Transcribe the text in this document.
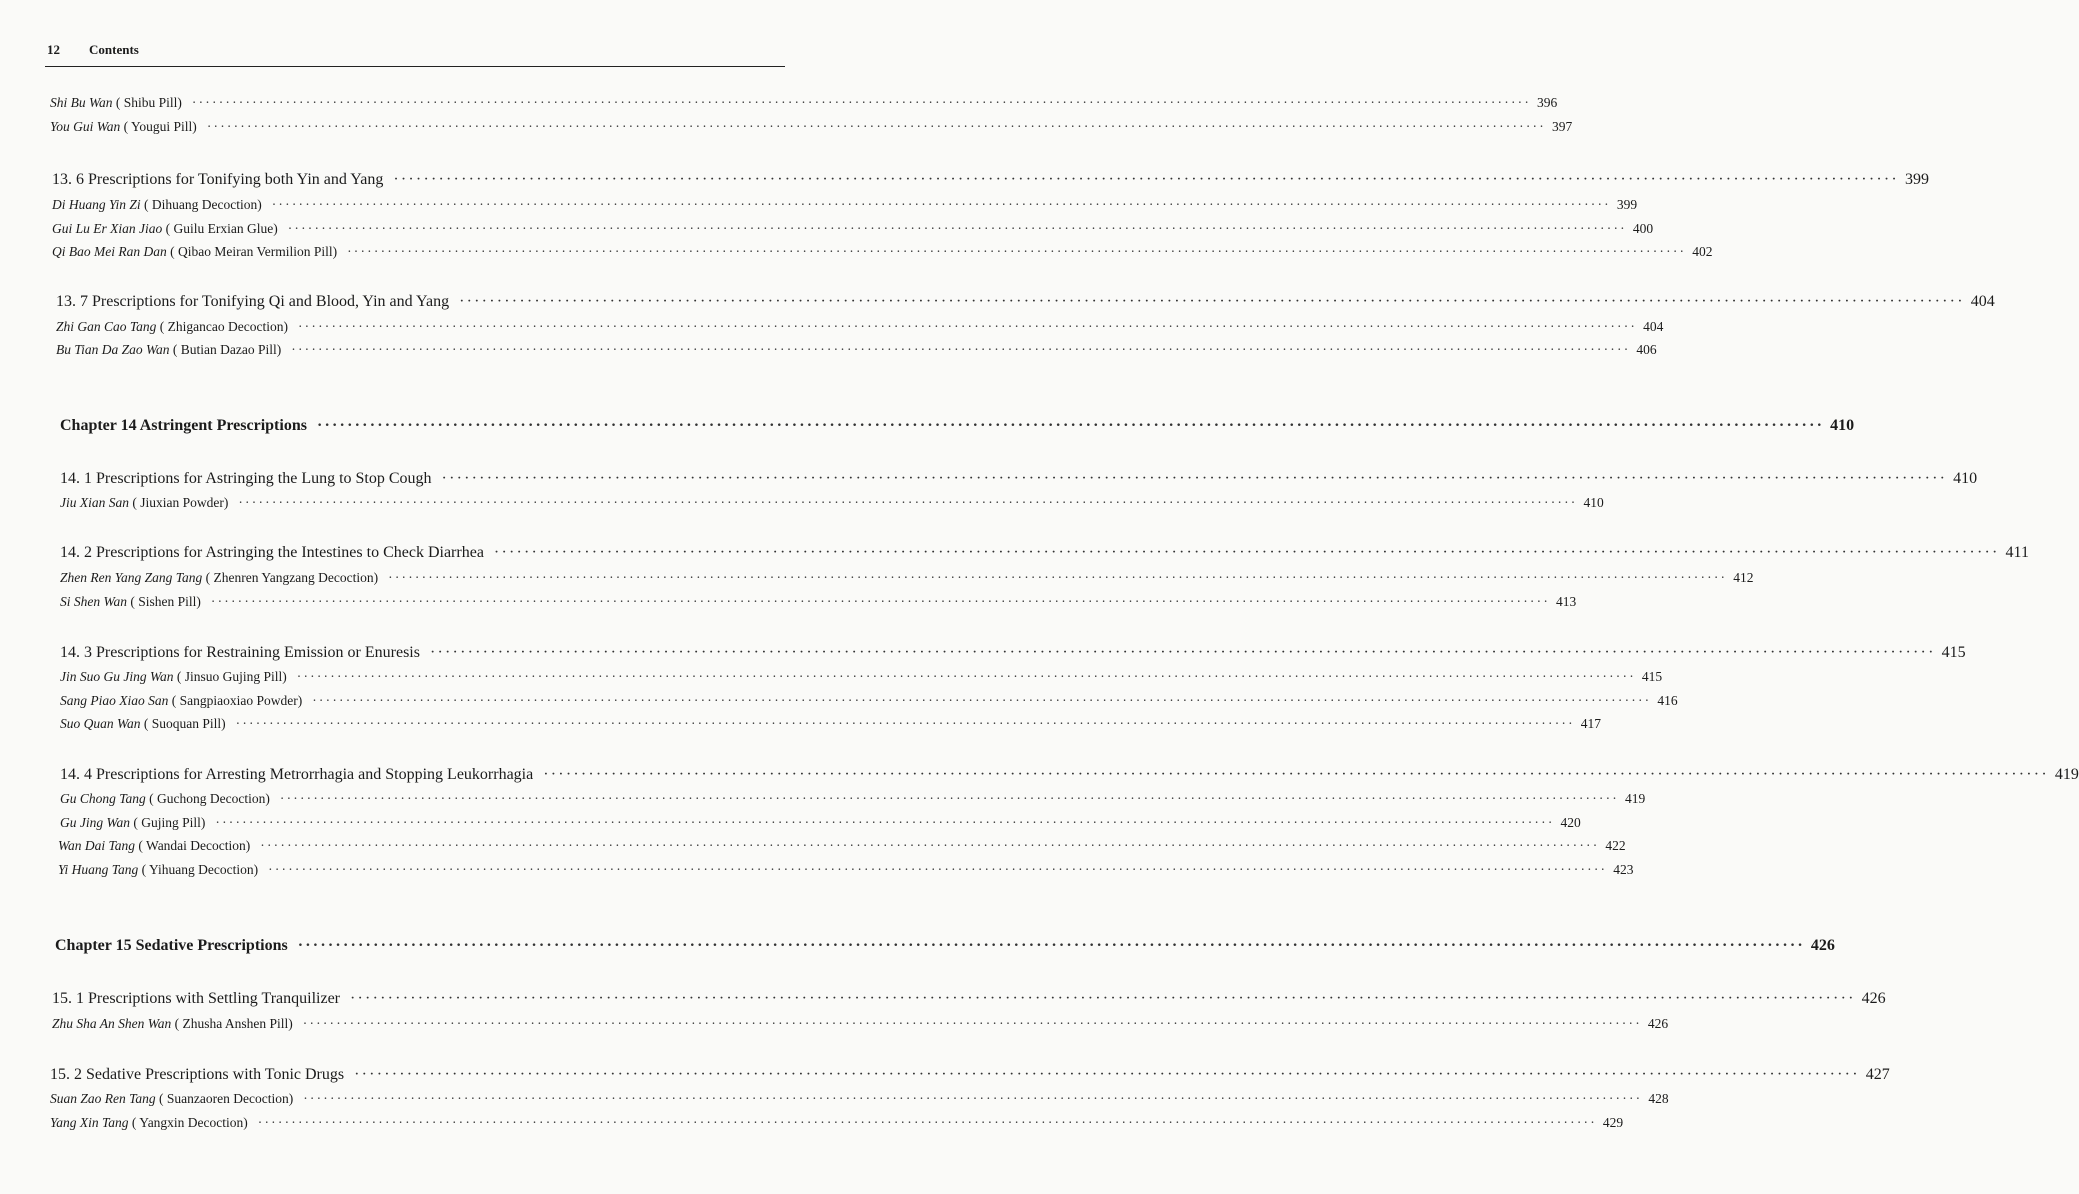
12 Contents
Shi Bu Wan ( Shibu Pill) ········································································································································································································ 396
You Gui Wan ( Yougui Pill) ········································································································································································································ 397
13. 6 Prescriptions for Tonifying both Yin and Yang ········································································································································································································ 399
Di Huang Yin Zi ( Dihuang Decoction) ········································································································································································································ 399
Gui Lu Er Xian Jiao ( Guilu Erxian Glue) ········································································································································································································ 400
Qi Bao Mei Ran Dan ( Qibao Meiran Vermilion Pill) ········································································································································································································ 402
13. 7 Prescriptions for Tonifying Qi and Blood, Yin and Yang ········································································································································································································ 404
Zhi Gan Cao Tang ( Zhigancao Decoction) ········································································································································································································ 404
Bu Tian Da Zao Wan ( Butian Dazao Pill) ········································································································································································································ 406
Chapter 14 Astringent Prescriptions ········································································································································································································ 410
14. 1 Prescriptions for Astringing the Lung to Stop Cough ········································································································································································································ 410
Jiu Xian San ( Jiuxian Powder) ········································································································································································································ 410
14. 2 Prescriptions for Astringing the Intestines to Check Diarrhea ········································································································································································································ 411
Zhen Ren Yang Zang Tang ( Zhenren Yangzang Decoction) ········································································································································································································ 412
Si Shen Wan ( Sishen Pill) ········································································································································································································ 413
14. 3 Prescriptions for Restraining Emission or Enuresis ········································································································································································································ 415
Jin Suo Gu Jing Wan ( Jinsuo Gujing Pill) ········································································································································································································ 415
Sang Piao Xiao San ( Sangpiaoxiao Powder) ········································································································································································································ 416
Suo Quan Wan ( Suoquan Pill) ········································································································································································································ 417
14. 4 Prescriptions for Arresting Metrorrhagia and Stopping Leukorrhagia ········································································································································································································ 419
Gu Chong Tang ( Guchong Decoction) ········································································································································································································ 419
Gu Jing Wan ( Gujing Pill) ········································································································································································································ 420
Wan Dai Tang ( Wandai Decoction) ········································································································································································································ 422
Yi Huang Tang ( Yihuang Decoction) ········································································································································································································ 423
Chapter 15 Sedative Prescriptions ········································································································································································································ 426
15. 1 Prescriptions with Settling Tranquilizer ········································································································································································································ 426
Zhu Sha An Shen Wan ( Zhusha Anshen Pill) ········································································································································································································ 426
15. 2 Sedative Prescriptions with Tonic Drugs ········································································································································································································ 427
Suan Zao Ren Tang ( Suanzaoren Decoction) ········································································································································································································ 428
Yang Xin Tang ( Yangxin Decoction) ········································································································································································································ 429
